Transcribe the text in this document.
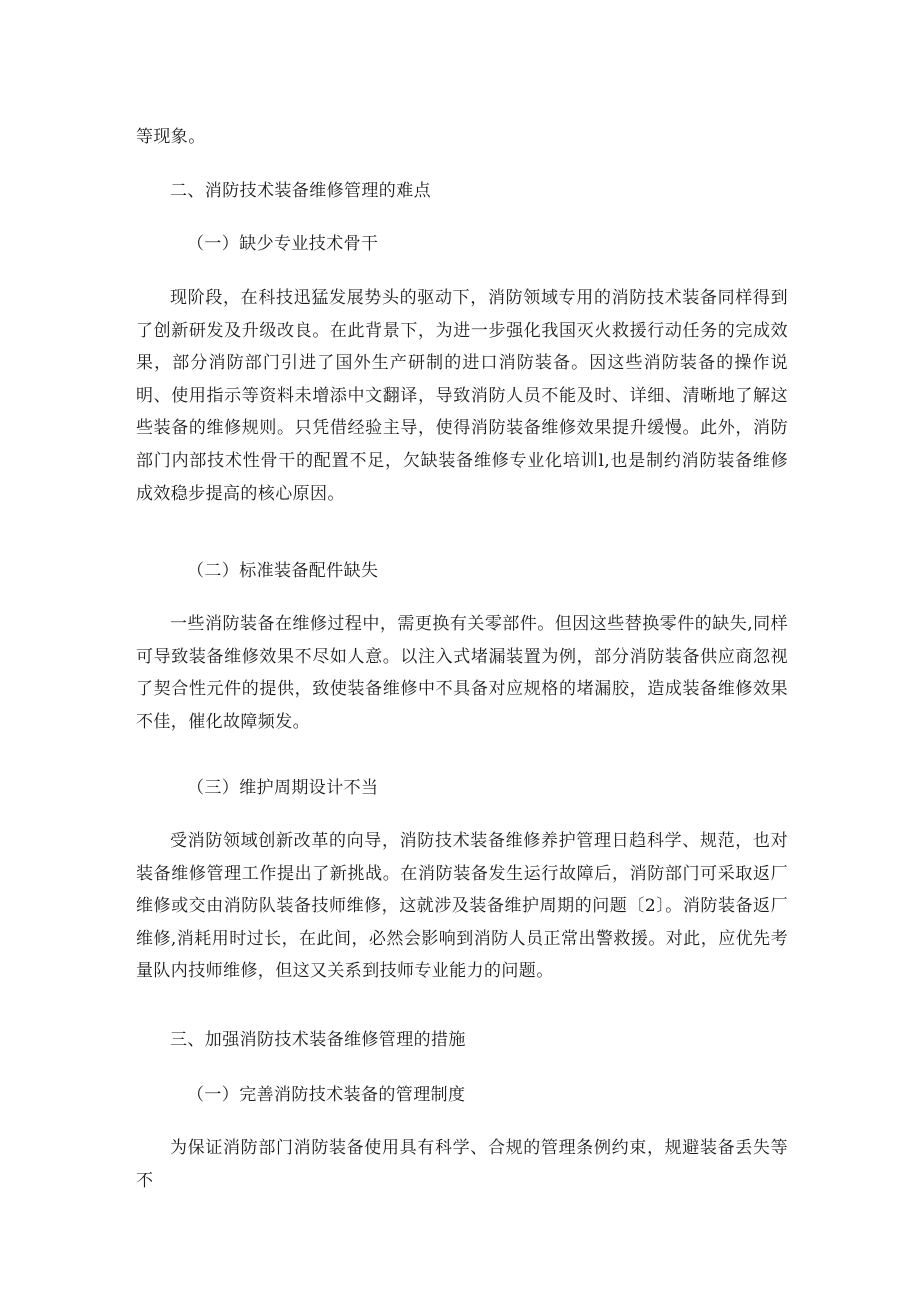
等现象。
二、消防技术装备维修管理的难点
（一）缺少专业技术骨干
现阶段，在科技迅猛发展势头的驱动下，消防领域专用的消防技术装备同样得到了创新研发及升级改良。在此背景下，为进一步强化我国灭火救援行动任务的完成效果，部分消防部门引进了国外生产研制的进口消防装备。因这些消防装备的操作说明、使用指示等资料未增添中文翻译，导致消防人员不能及时、详细、清晰地了解这些装备的维修规则。只凭借经验主导，使得消防装备维修效果提升缓慢。此外，消防部门内部技术性骨干的配置不足，欠缺装备维修专业化培训l,也是制约消防装备维修成效稳步提高的核心原因。
（二）标准装备配件缺失
一些消防装备在维修过程中，需更换有关零部件。但因这些替换零件的缺失,同样可导致装备维修效果不尽如人意。以注入式堵漏装置为例，部分消防装备供应商忽视了契合性元件的提供，致使装备维修中不具备对应规格的堵漏胶，造成装备维修效果不佳，催化故障频发。
（三）维护周期设计不当
受消防领域创新改革的向导，消防技术装备维修养护管理日趋科学、规范，也对装备维修管理工作提出了新挑战。在消防装备发生运行故障后，消防部门可采取返厂维修或交由消防队装备技师维修，这就涉及装备维护周期的问题〔2〕。消防装备返厂维修,消耗用时过长，在此间，必然会影响到消防人员正常出警救援。对此，应优先考量队内技师维修，但这又关系到技师专业能力的问题。
三、加强消防技术装备维修管理的措施
（一）完善消防技术装备的管理制度
为保证消防部门消防装备使用具有科学、合规的管理条例约束，规避装备丢失等不
